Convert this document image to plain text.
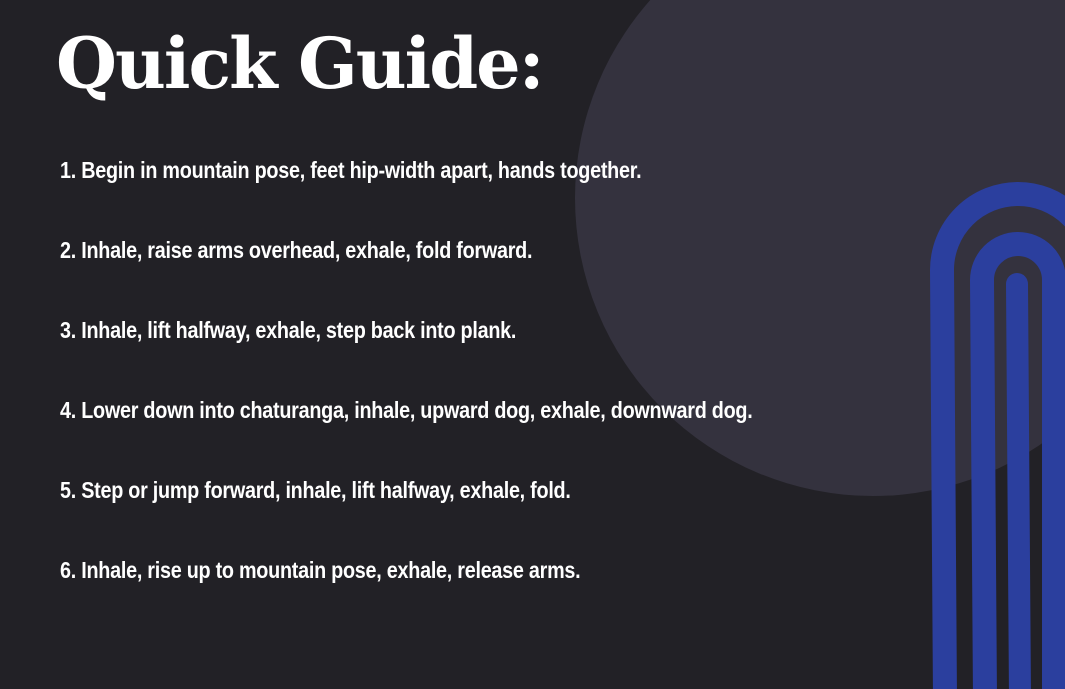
Quick Guide:
1. Begin in mountain pose, feet hip-width apart, hands together.
2. Inhale, raise arms overhead, exhale, fold forward.
3. Inhale, lift halfway, exhale, step back into plank.
4. Lower down into chaturanga, inhale, upward dog, exhale, downward dog.
5. Step or jump forward, inhale, lift halfway, exhale, fold.
6. Inhale, rise up to mountain pose, exhale, release arms.
